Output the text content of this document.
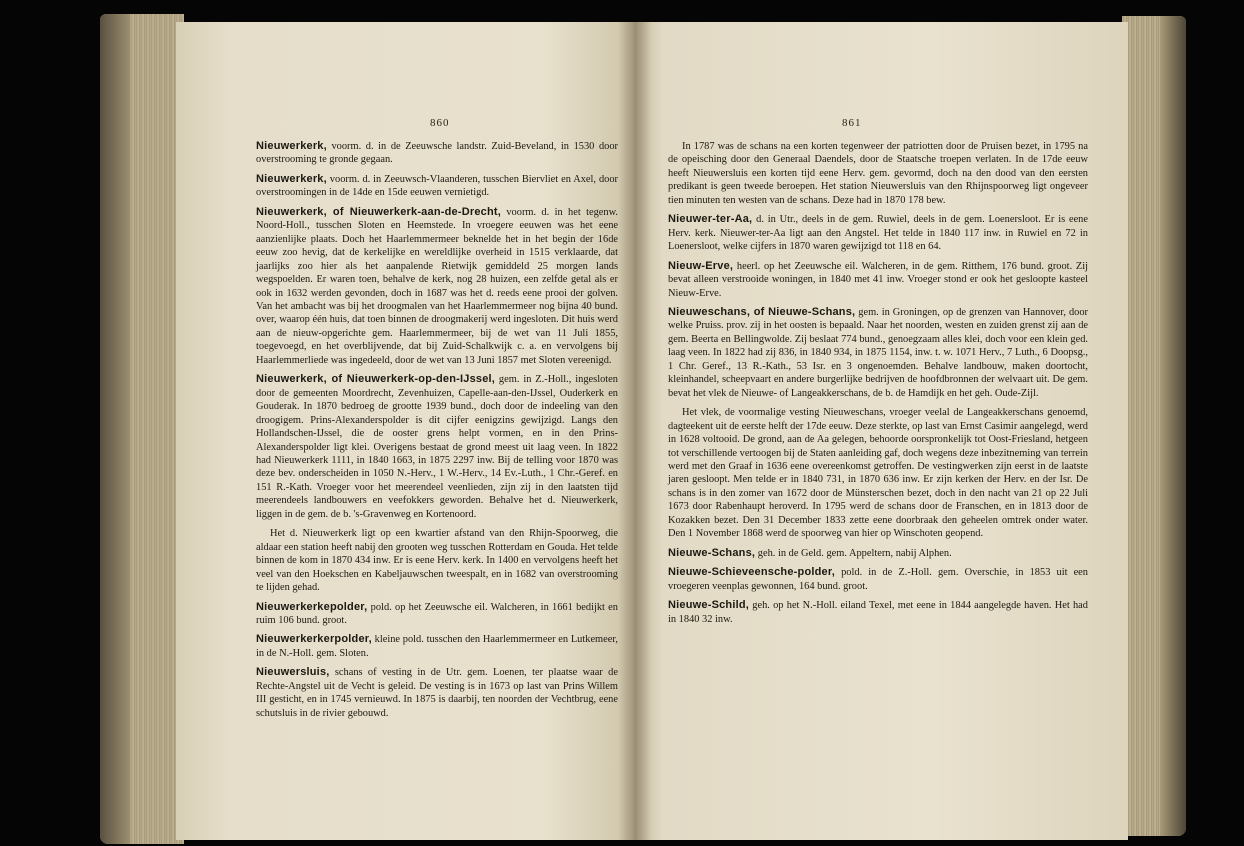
860

Nieuwerkerk, voorm. d. in de Zeeuwsche landstr. Zuid-Beveland, in 1530 door overstrooming te gronde gegaan.

Nieuwerkerk, voorm. d. in Zeeuwsch-Vlaanderen, tusschen Biervliet en Axel, door overstroomingen in de 14de en 15de eeuwen vernietigd.

Nieuwerkerk, of Nieuwerkerk-aan-de-Drecht, voorm. d. in het tegenw. Noord-Holl., tusschen Sloten en Heemstede. In vroegere eeuwen was het eene aanzienlijke plaats. Doch het Haarlemmermeer beknelde het in het begin der 16de eeuw zoo hevig, dat de kerkelijke en wereldlijke overheid in 1515 verklaarde, dat jaarlijks zoo hier als het aanpalende Rietwijk gemiddeld 25 morgen lands wegspoelden. Er waren toen, behalve de kerk, nog 28 huizen, een zelfde getal als er ook in 1632 werden gevonden, doch in 1687 was het d. reeds eene prooi der golven. Van het ambacht was bij het droogmalen van het Haarlemmermeer nog bijna 40 bund. over, waarop één huis, dat toen binnen de droogmakerij werd ingesloten. Dit huis werd aan de nieuw-opgerichte gem. Haarlemmermeer, bij de wet van 11 Juli 1855, toegevoegd, en het overblijvende, dat bij Zuid-Schalkwijk c. a. en vervolgens bij Haarlemmerliede was ingedeeld, door de wet van 13 Juni 1857 met Sloten vereenigd.

Nieuwerkerk, of Nieuwerkerk-op-den-IJssel, gem. in Z.-Holl., ingesloten door de gemeenten Moordrecht, Zevenhuizen, Capelle-aan-den-IJssel, Ouderkerk en Gouderak. In 1870 bedroeg de grootte 1939 bund., doch door de indeeling van den droogigem. Prins-Alexanderspolder is dit cijfer eenigzins gewijzigd. Langs den Hollandschen-IJssel, die de ooster grens helpt vormen, en in den Prins-Alexanderspolder ligt klei. Overigens bestaat de grond meest uit laag veen. In 1822 had Nieuwerkerk 1111, in 1840 1663, in 1875 2297 inw. Bij de telling voor 1870 was deze bev. onderscheiden in 1050 N.-Herv., 1 W.-Herv., 14 Ev.-Luth., 1 Chr.-Geref. en 151 R.-Kath. Vroeger voor het meerendeel veenlieden, zijn zij in den laatsten tijd meerendeels landbouwers en veefokkers geworden. Behalve het d. Nieuwerkerk, liggen in de gem. de b. 's-Gravenweg en Kortenoord.

Het d. Nieuwerkerk ligt op een kwartier afstand van den Rhijn-Spoorweg, die aldaar een station heeft nabij den grooten weg tusschen Rotterdam en Gouda. Het telde binnen de kom in 1870 434 inw. Er is eene Herv. kerk. In 1400 en vervolgens heeft het veel van den Hoekschen en Kabeljauwschen tweespalt, en in 1682 van overstrooming te lijden gehad.

Nieuwerkerkepolder, pold. op het Zeeuwsche eil. Walcheren, in 1661 bedijkt en ruim 106 bund. groot.

Nieuwerkerkerpolder, kleine pold. tusschen den Haarlemmermeer en Lutkemeer, in de N.-Holl. gem. Sloten.

Nieuwersluis, schans of vesting in de Utr. gem. Loenen, ter plaatse waar de Rechte-Angstel uit de Vecht is geleid. De vesting is in 1673 op last van Prins Willem III gesticht, en in 1745 vernieuwd. In 1875 is daarbij, ten noorden der Vechtbrug, eene schutsluis in de rivier gebouwd.

861

In 1787 was de schans na een korten tegenweer der patriotten door de Pruisen bezet, in 1795 na de opeisching door den Generaal Daendels, door de Staatsche troepen verlaten. In de 17de eeuw heeft Nieuwersluis een korten tijd eene Herv. gem. gevormd, doch na den dood van den eersten predikant is geen tweede beroepen. Het station Nieuwersluis van den Rhijnspoorweg ligt ongeveer tien minuten ten westen van de schans. Deze had in 1870 178 bew.

Nieuwer-ter-Aa, d. in Utr., deels in de gem. Ruwiel, deels in de gem. Loenersloot. Er is eene Herv. kerk. Nieuwer-ter-Aa ligt aan den Angstel. Het telde in 1840 117 inw. in Ruwiel en 72 in Loenersloot, welke cijfers in 1870 waren gewijzigd tot 118 en 64.

Nieuw-Erve, heerl. op het Zeeuwsche eil. Walcheren, in de gem. Ritthem, 176 bund. groot. Zij bevat alleen verstrooide woningen, in 1840 met 41 inw. Vroeger stond er ook het gesloopte kasteel Nieuw-Erve.

Nieuweschans, of Nieuwe-Schans, gem. in Groningen, op de grenzen van Hannover, door welke Pruiss. prov. zij in het oosten is bepaald. Naar het noorden, westen en zuiden grenst zij aan de gem. Beerta en Bellingwolde. Zij beslaat 774 bund., genoegzaam alles klei, doch voor een klein ged. laag veen. In 1822 had zij 836, in 1840 934, in 1875 1154, inw. t. w. 1071 Herv., 7 Luth., 6 Doopsg., 1 Chr. Geref., 13 R.-Kath., 53 Isr. en 3 ongenoemden. Behalve landbouw, maken doortocht, kleinhandel, scheepvaart en andere burgerlijke bedrijven de hoofdbronnen der welvaart uit. De gem. bevat het vlek de Nieuwe- of Langeakkerschans, de b. de Hamdijk en het geh. Oude-Zijl.

Het vlek, de voormalige vesting Nieuweschans, vroeger veelal de Langeakkerschans genoemd, dagteekent uit de eerste helft der 17de eeuw. Deze sterkte, op last van Ernst Casimir aangelegd, werd in 1628 voltooid. De grond, aan de Aa gelegen, behoorde oorspronkelijk tot Oost-Friesland, hetgeen tot verschillende vertoogen bij de Staten aanleiding gaf, doch wegens deze inbezitneming van terrein werd met den Graaf in 1636 eene overeenkomst getroffen. De vestingwerken zijn eerst in de laatste jaren gesloopt. Men telde er in 1840 731, in 1870 636 inw. Er zijn kerken der Herv. en der Isr. De schans is in den zomer van 1672 door de Münsterschen bezet, doch in den nacht van 21 op 22 Juli 1673 door Rabenhaupt heroverd. In 1795 werd de schans door de Franschen, en in 1813 door de Kozakken bezet. Den 31 December 1833 zette eene doorbraak den geheelen omtrek onder water. Den 1 November 1868 werd de spoorweg van hier op Winschoten geopend.

Nieuwe-Schans, geh. in de Geld. gem. Appeltern, nabij Alphen.

Nieuwe-Schieveensche-polder, pold. in de Z.-Holl. gem. Overschie, in 1853 uit een vroegeren veenplas gewonnen, 164 bund. groot.

Nieuwe-Schild, geh. op het N.-Holl. eiland Texel, met eene in 1844 aangelegde haven. Het had in 1840 32 inw.
